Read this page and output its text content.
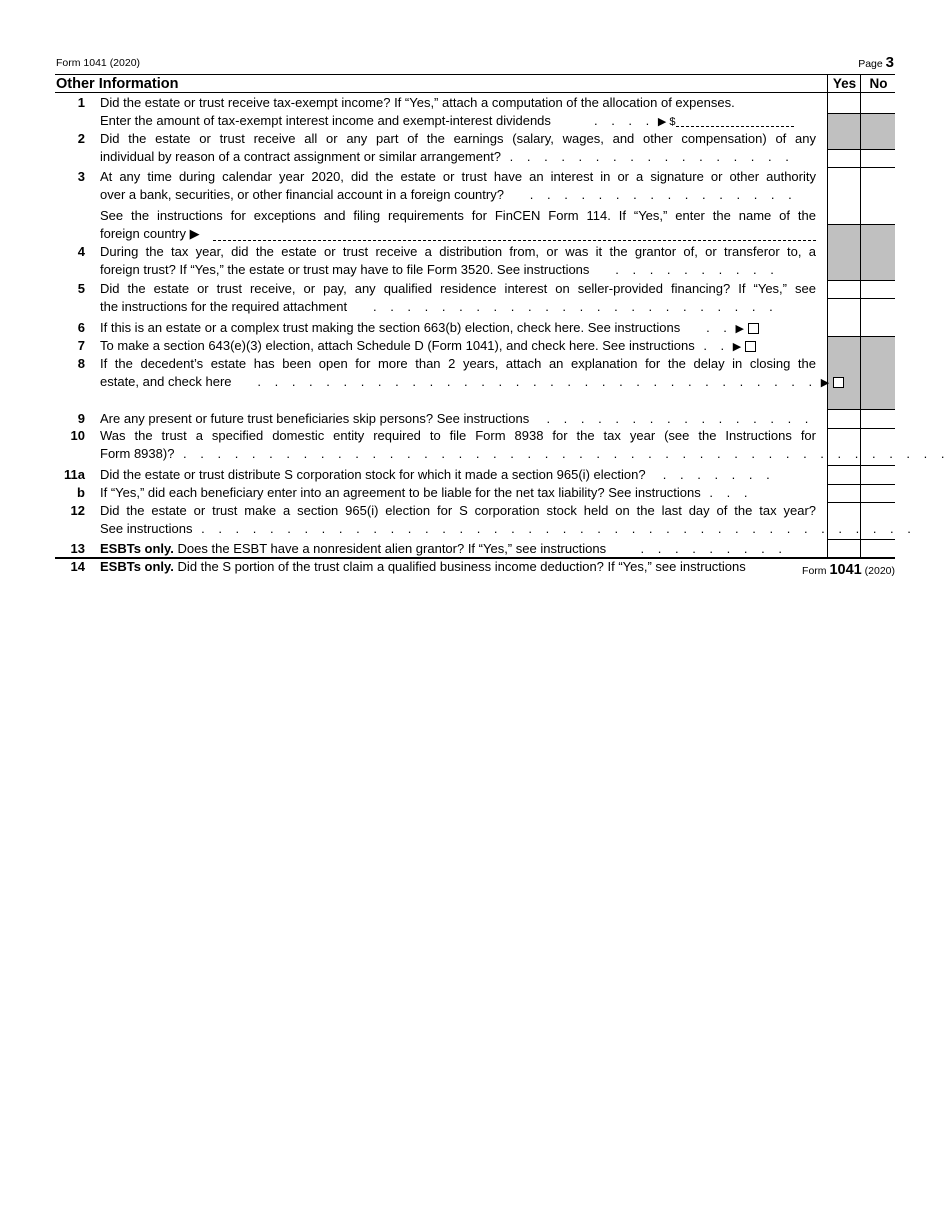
Form 1041 (2020)	Page 3
Other Information	Yes No
1 Did the estate or trust receive tax-exempt income? If “Yes,” attach a computation of the allocation of expenses.
Enter the amount of tax-exempt interest income and exempt-interest dividends     . . . . ▶ $
2 Did the estate or trust receive all or any part of the earnings (salary, wages, and other compensation) of any
individual by reason of a contract assignment or similar arrangement? . . . . . . . . . . . . . . . . .
3 At any time during calendar year 2020, did the estate or trust have an interest in or a signature or other authority
over a bank, securities, or other financial account in a foreign country?   . . . . . . . . . . . . . . . .
See the instructions for exceptions and filing requirements for FinCEN Form 114. If “Yes,” enter the name of the
foreign country ▶
4 During the tax year, did the estate or trust receive a distribution from, or was it the grantor of, or transferor to, a
foreign trust? If “Yes,” the estate or trust may have to file Form 3520. See instructions   . . . . . . . . . .
5 Did the estate or trust receive, or pay, any qualified residence interest on seller-provided financing? If “Yes,” see
the instructions for the required attachment   . . . . . . . . . . . . . . . . . . . . . . . .
6 If this is an estate or a complex trust making the section 663(b) election, check here. See instructions   . . ▶
7 To make a section 643(e)(3) election, attach Schedule D (Form 1041), and check here. See instructions . . ▶
8 If the decedent’s estate has been open for more than 2 years, attach an explanation for the delay in closing the
estate, and check here   . . . . . . . . . . . . . . . . . . . . . . . . . . . . . . . . . ▶
9 Are any present or future trust beneficiaries skip persons? See instructions  . . . . . . . . . . . . . . . .
10 Was the trust a specified domestic entity required to file Form 8938 for the tax year (see the Instructions for
Form 8938)? . . . . . . . . . . . . . . . . . . . . . . . . . . . . . . . . . . . . . . . . . . . . .
11a Did the estate or trust distribute S corporation stock for which it made a section 965(i) election?  . . . . . . .
b If “Yes,” did each beneficiary enter into an agreement to be liable for the net tax liability? See instructions . . .
12 Did the estate or trust make a section 965(i) election for S corporation stock held on the last day of the tax year?
See instructions . . . . . . . . . . . . . . . . . . . . . . . . . . . . . . . . . . . . . . . . . .
13 ESBTs only. Does the ESBT have a nonresident alien grantor? If “Yes,” see instructions    . . . . . . . . .
14 ESBTs only. Did the S portion of the trust claim a qualified business income deduction? If “Yes,” see instructions	Form 1041 (2020)
